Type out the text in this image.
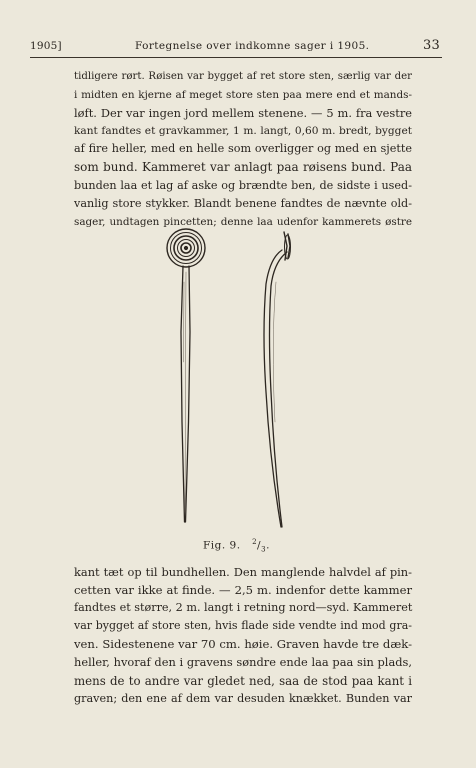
1905]	Fortegnelse over indkomne sager i 1905.	33
tidligere rørt. Røisen var bygget af ret store sten, særlig var der
i midten en kjerne af meget store sten paa mere end et mands-
løft. Der var ingen jord mellem stenene. — 5 m. fra vestre
kant fandtes et gravkammer, 1 m. langt, 0,60 m. bredt, bygget
af fire heller, med en helle som overligger og med en sjette
som bund. Kammeret var anlagt paa røisens bund. Paa
bunden laa et lag af aske og brændte ben, de sidste i used-
vanlig store stykker. Blandt benene fandtes de nævnte old-
sager, undtagen pincetten; denne laa udenfor kammerets østre
Fig. 9. $^2/_3$.
kant tæt op til bundhellen. Den manglende halvdel af pin-
cetten var ikke at finde. — 2,5 m. indenfor dette kammer
fandtes et større, 2 m. langt i retning nord—syd. Kammeret
var bygget af store sten, hvis flade side vendte ind mod gra-
ven. Sidestenene var 70 cm. høie. Graven havde tre dæk-
heller, hvoraf den i gravens søndre ende laa paa sin plads,
mens de to andre var gledet ned, saa de stod paa kant i
graven; den ene af dem var desuden knækket. Bunden var
